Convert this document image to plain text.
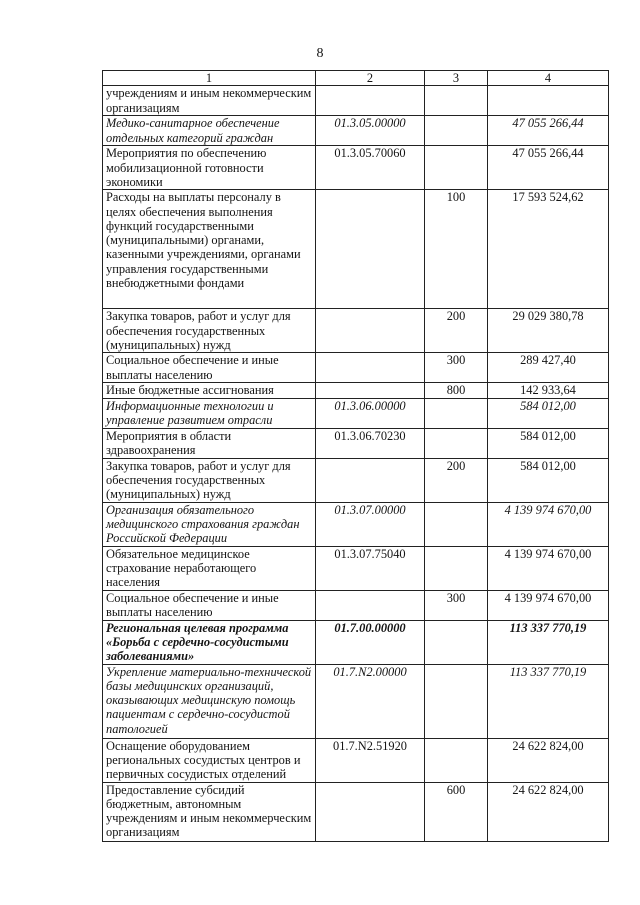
8
1	2	3	4
учреждениям и иным некоммерческим организациям			
Медико-санитарное обеспечение отдельных категорий граждан	01.3.05.00000		47 055 266,44
Мероприятия по обеспечению мобилизационной готовности экономики	01.3.05.70060		47 055 266,44
Расходы на выплаты персоналу в целях обеспечения выполнения функций государственными (муниципальными) органами, казенными учреждениями, органами управления государственными внебюджетными фондами		100	17 593 524,62
Закупка товаров, работ и услуг для обеспечения государственных (муниципальных) нужд		200	29 029 380,78
Социальное обеспечение и иные выплаты населению		300	289 427,40
Иные бюджетные ассигнования		800	142 933,64
Информационные технологии и управление развитием отрасли	01.3.06.00000		584 012,00
Мероприятия в области здравоохранения	01.3.06.70230		584 012,00
Закупка товаров, работ и услуг для обеспечения государственных (муниципальных) нужд		200	584 012,00
Организация обязательного медицинского страхования граждан Российской Федерации	01.3.07.00000		4 139 974 670,00
Обязательное медицинское страхование неработающего населения	01.3.07.75040		4 139 974 670,00
Социальное обеспечение и иные выплаты населению		300	4 139 974 670,00
Региональная целевая программа «Борьба с сердечно-сосудистыми заболеваниями»	01.7.00.00000		113 337 770,19
Укрепление материально-технической базы медицинских организаций, оказывающих медицинскую помощь пациентам с сердечно-сосудистой патологией	01.7.N2.00000		113 337 770,19
Оснащение оборудованием региональных сосудистых центров и первичных сосудистых отделений	01.7.N2.51920		24 622 824,00
Предоставление субсидий бюджетным, автономным учреждениям и иным некоммерческим организациям		600	24 622 824,00
